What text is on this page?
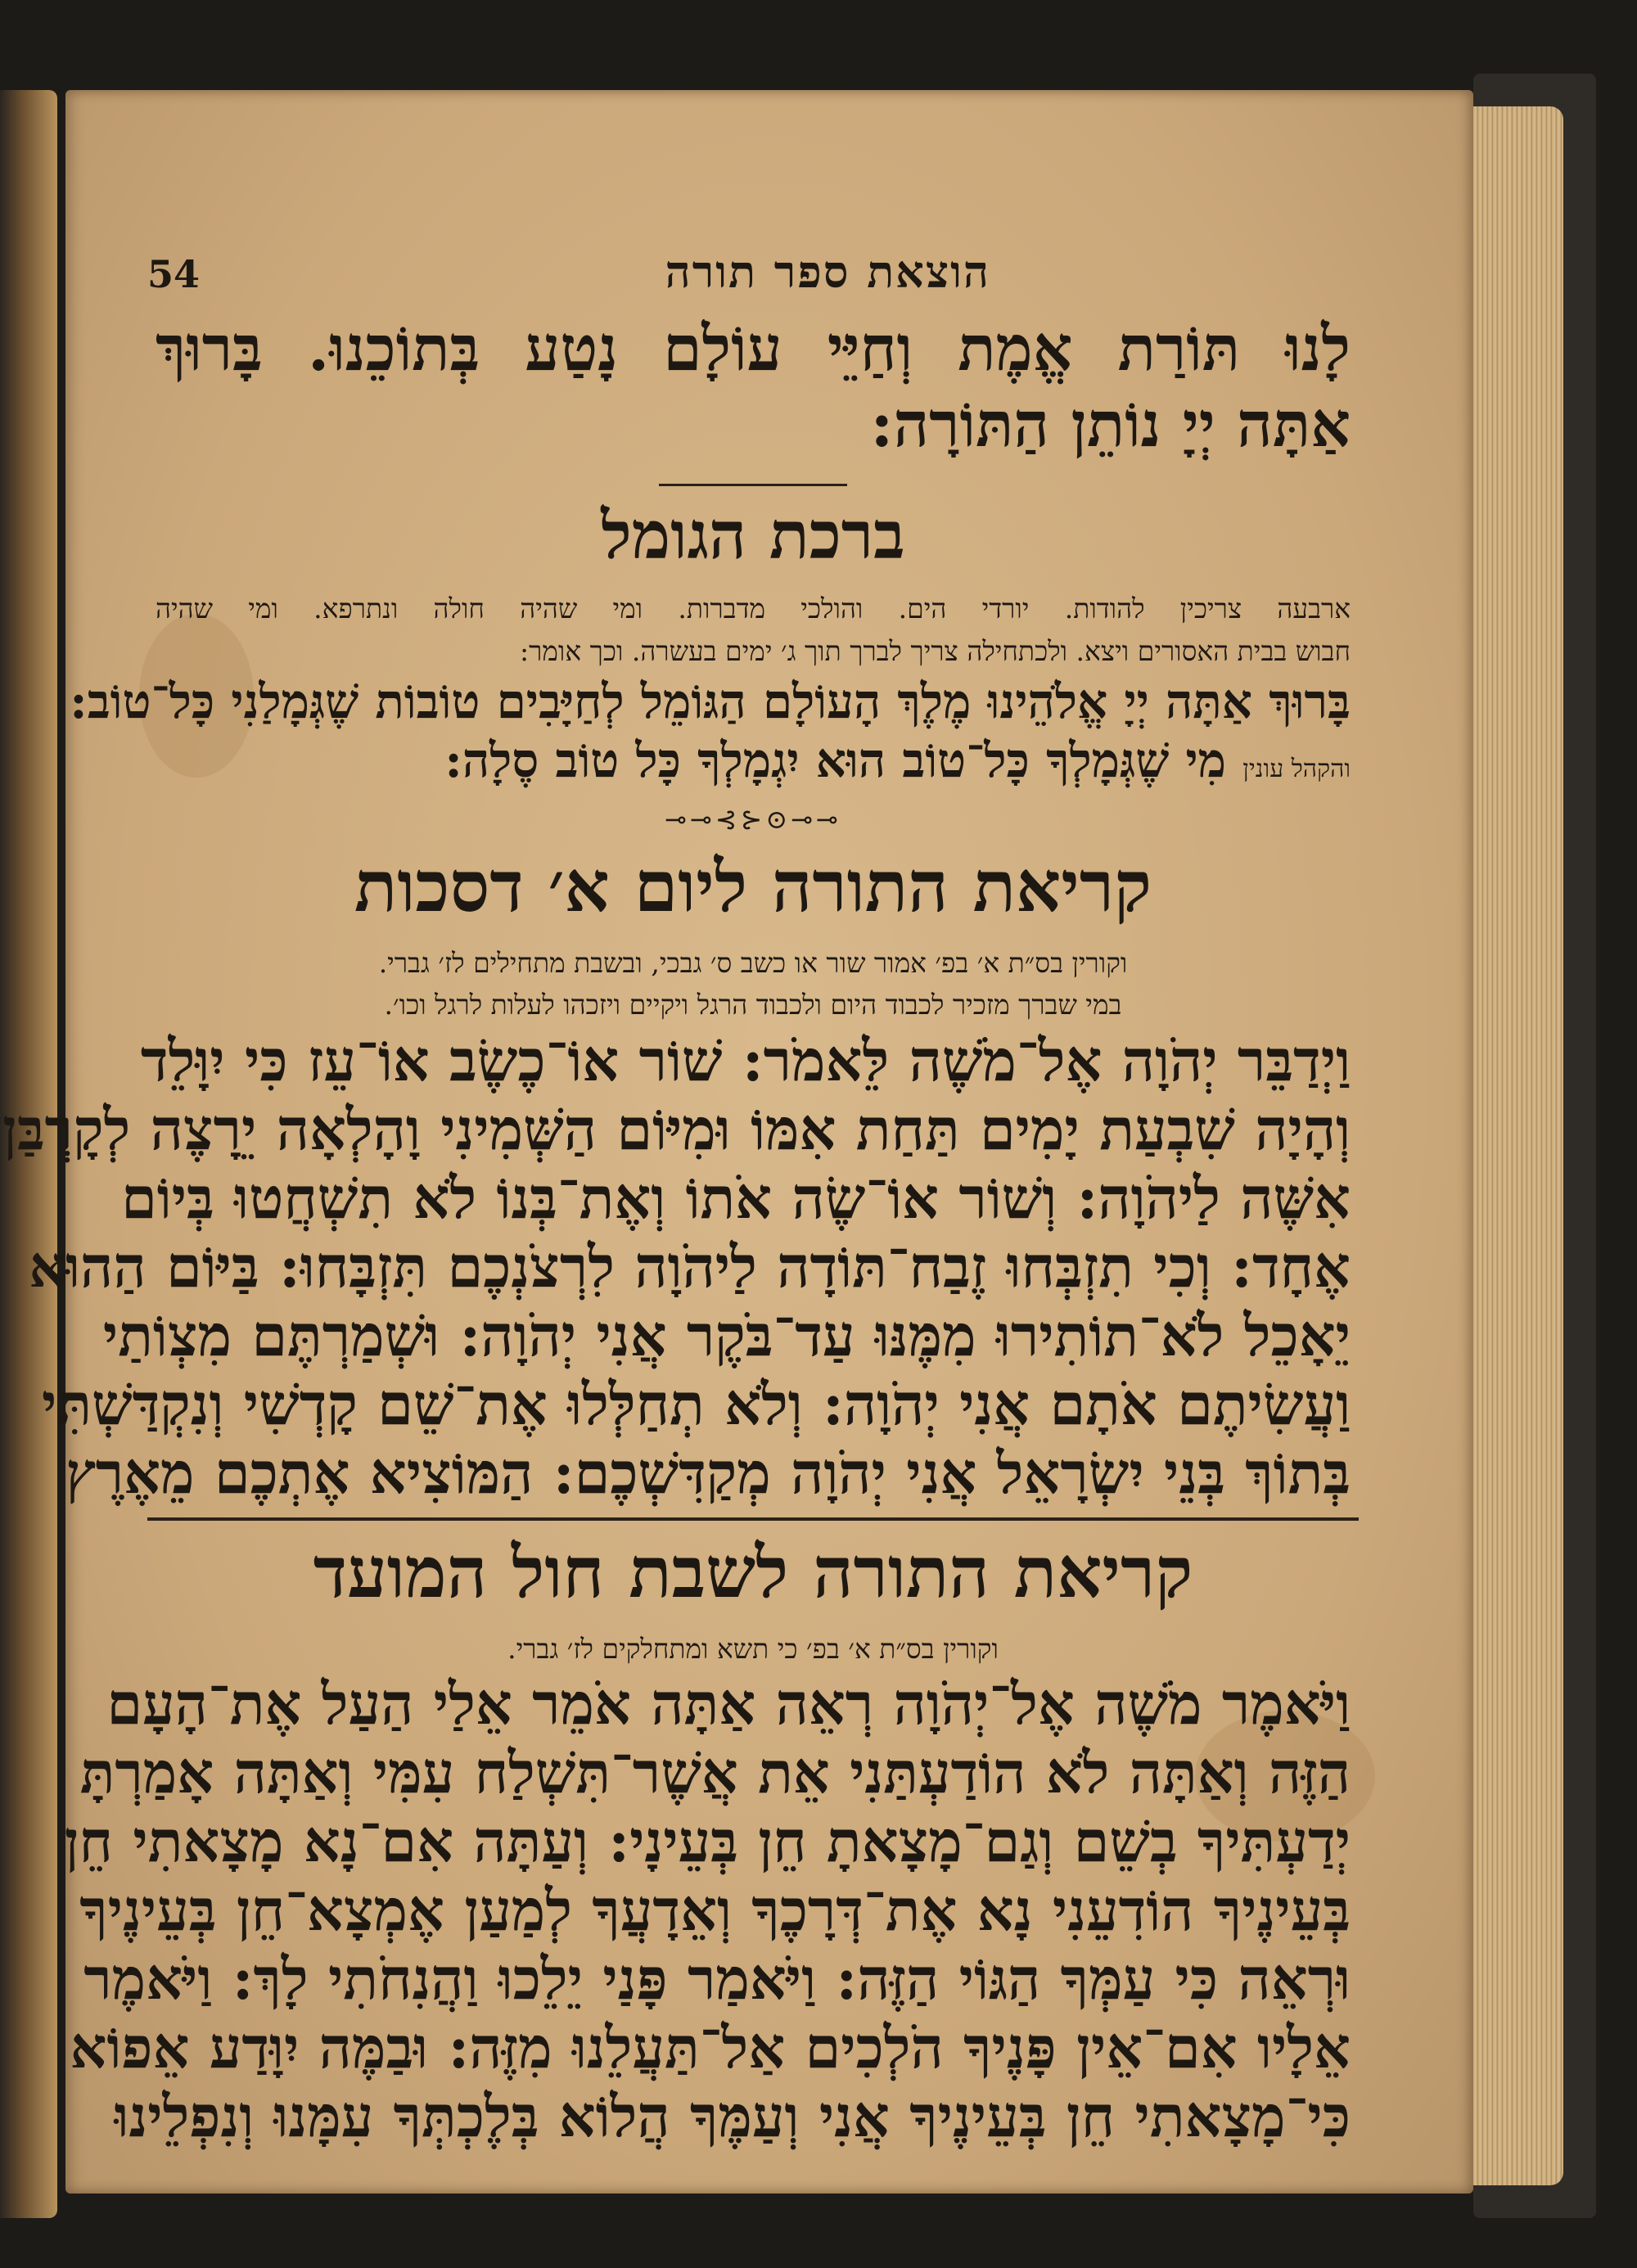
הוצאת ספר תורה
54
לָנוּ תּוֹרַת אֱמֶת וְחַיֵּי עוֹלָם נָטַע בְּתוֹכֵנוּ. בָּרוּךְ
אַתָּה יְיָ נוֹתֵן הַתּוֹרָה:
ברכת הגומל
ארבעה צריכין להודות. יורדי הים. והולכי מדברות. ומי שהיה חולה ונתרפא. ומי שהיה
חבוש בבית האסורים ויצא. ולכתחילה צריך לברך תוך ג׳ ימים בעשרה. וכך אומר:
בָּרוּךְ אַתָּה יְיָ אֱלֹהֵינוּ מֶלֶךְ הָעוֹלָם הַגּוֹמֵל לְחַיָּבִים טוֹבוֹת שֶׁגְּמָלַנִי כָּל־טוֹב:
והקהל עונין מִי שֶׁגְּמָלְךָ כָּל־טוֹב הוּא יִגְמָלְךָ כָּל טוֹב סֶלָה:
⊸⊸⊙⊰⊱⊸⊸
קריאת התורה ליום א׳ דסכות
וקורין בס״ת א׳ בפ׳ אמור שור או כשב ס׳ גבכי, ובשבת מתחילים לז׳ גברי.
במי שברך מזכיר לכבוד היום ולכבוד הרגל ויקיים ויזכהו לעלות לרגל וכו׳.
וַיְדַבֵּר יְהֹוָה אֶל־מֹשֶׁה לֵּאמֹר: שׁוֹר אוֹ־כֶשֶׂב אוֹ־עֵז כִּי יִוָּלֵד
וְהָיָה שִׁבְעַת יָמִים תַּחַת אִמּוֹ וּמִיּוֹם הַשְּׁמִינִי וָהָלְאָה יֵרָצֶה לְקָרְבַּן
אִשֶּׁה לַיהֹוָה: וְשׁוֹר אוֹ־שֶׂה אֹתוֹ וְאֶת־בְּנוֹ לֹא תִשְׁחֲטוּ בְּיוֹם
אֶחָד: וְכִי תִזְבְּחוּ זֶבַח־תּוֹדָה לַיהֹוָה לִרְצֹנְכֶם תִּזְבָּחוּ: בַּיּוֹם הַהוּא
יֵאָכֵל לֹא־תוֹתִירוּ מִמֶּנּוּ עַד־בֹּקֶר אֲנִי יְהֹוָה: וּשְׁמַרְתֶּם מִצְוֹתַי
וַעֲשִׂיתֶם אֹתָם אֲנִי יְהֹוָה: וְלֹא תְחַלְּלוּ אֶת־שֵׁם קָדְשִׁי וְנִקְדַּשְׁתִּי
בְּתוֹךְ בְּנֵי יִשְׂרָאֵל אֲנִי יְהֹוָה מְקַדִּשְׁכֶם: הַמּוֹצִיא אֶתְכֶם מֵאֶרֶץ
קריאת התורה לשבת חול המועד
וקורין בס״ת א׳ בפ׳ כי תשא ומתחלקים לז׳ גברי.
וַיֹּאמֶר מֹשֶׁה אֶל־יְהֹוָה רְאֵה אַתָּה אֹמֵר אֵלַי הַעַל אֶת־הָעָם
הַזֶּה וְאַתָּה לֹא הוֹדַעְתַּנִי אֵת אֲשֶׁר־תִּשְׁלַח עִמִּי וְאַתָּה אָמַרְתָּ
יְדַעְתִּיךָ בְשֵׁם וְגַם־מָצָאתָ חֵן בְּעֵינָי: וְעַתָּה אִם־נָא מָצָאתִי חֵן
בְּעֵינֶיךָ הוֹדִעֵנִי נָא אֶת־דְּרָכֶךָ וְאֵדָעֲךָ לְמַעַן אֶמְצָא־חֵן בְּעֵינֶיךָ
וּרְאֵה כִּי עַמְּךָ הַגּוֹי הַזֶּה: וַיֹּאמַר פָּנַי יֵלֵכוּ וַהֲנִחֹתִי לָךְ: וַיֹּאמֶר
אֵלָיו אִם־אֵין פָּנֶיךָ הֹלְכִים אַל־תַּעֲלֵנוּ מִזֶּה: וּבַמֶּה יִוָּדַע אֵפוֹא
כִּי־מָצָאתִי חֵן בְּעֵינֶיךָ אֲנִי וְעַמֶּךָ הֲלוֹא בְּלֶכְתְּךָ עִמָּנוּ וְנִפְלֵינוּ
